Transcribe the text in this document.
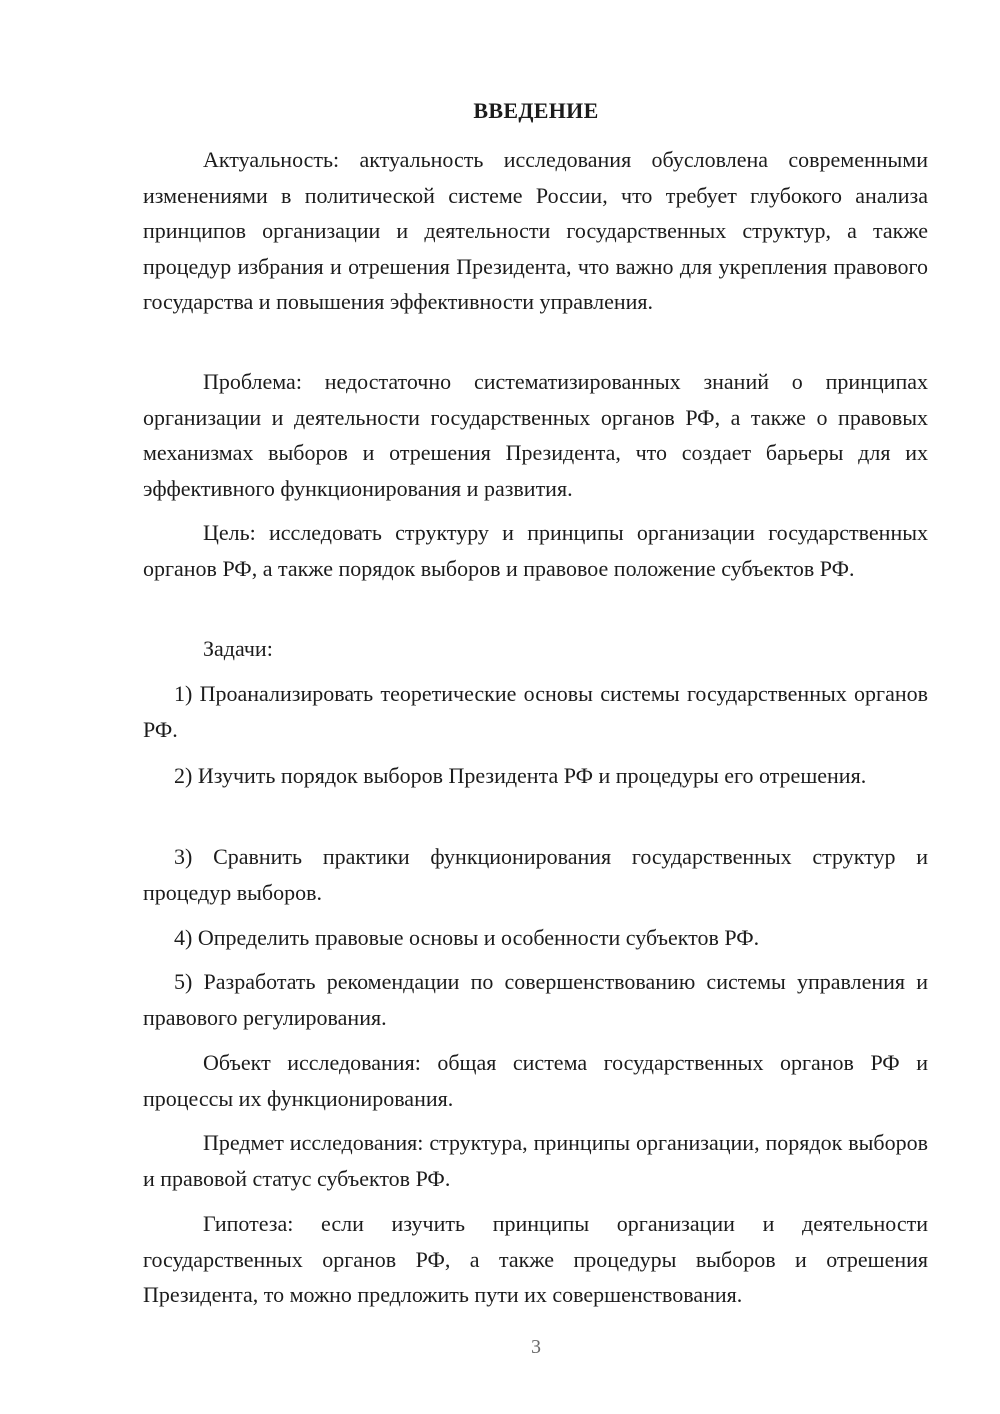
ВВЕДЕНИЕ

Актуальность: актуальность исследования обусловлена современными изменениями в политической системе России, что требует глубокого анализа принципов организации и деятельности государственных структур, а также процедур избрания и отрешения Президента, что важно для укрепления правового государства и повышения эффективности управления.

Проблема: недостаточно систематизированных знаний о принципах организации и деятельности государственных органов РФ, а также о правовых механизмах выборов и отрешения Президента, что создает барьеры для их эффективного функционирования и развития.

Цель: исследовать структуру и принципы организации государственных органов РФ, а также порядок выборов и правовое положение субъектов РФ.

Задачи:

1) Проанализировать теоретические основы системы государственных органов РФ.

2) Изучить порядок выборов Президента РФ и процедуры его отрешения.

3) Сравнить практики функционирования государственных структур и процедур выборов.

4) Определить правовые основы и особенности субъектов РФ.

5) Разработать рекомендации по совершенствованию системы управления и правового регулирования.

Объект исследования: общая система государственных органов РФ и процессы их функционирования.

Предмет исследования: структура, принципы организации, порядок выборов и правовой статус субъектов РФ.

Гипотеза: если изучить принципы организации и деятельности государственных органов РФ, а также процедуры выборов и отрешения Президента, то можно предложить пути их совершенствования.

3
